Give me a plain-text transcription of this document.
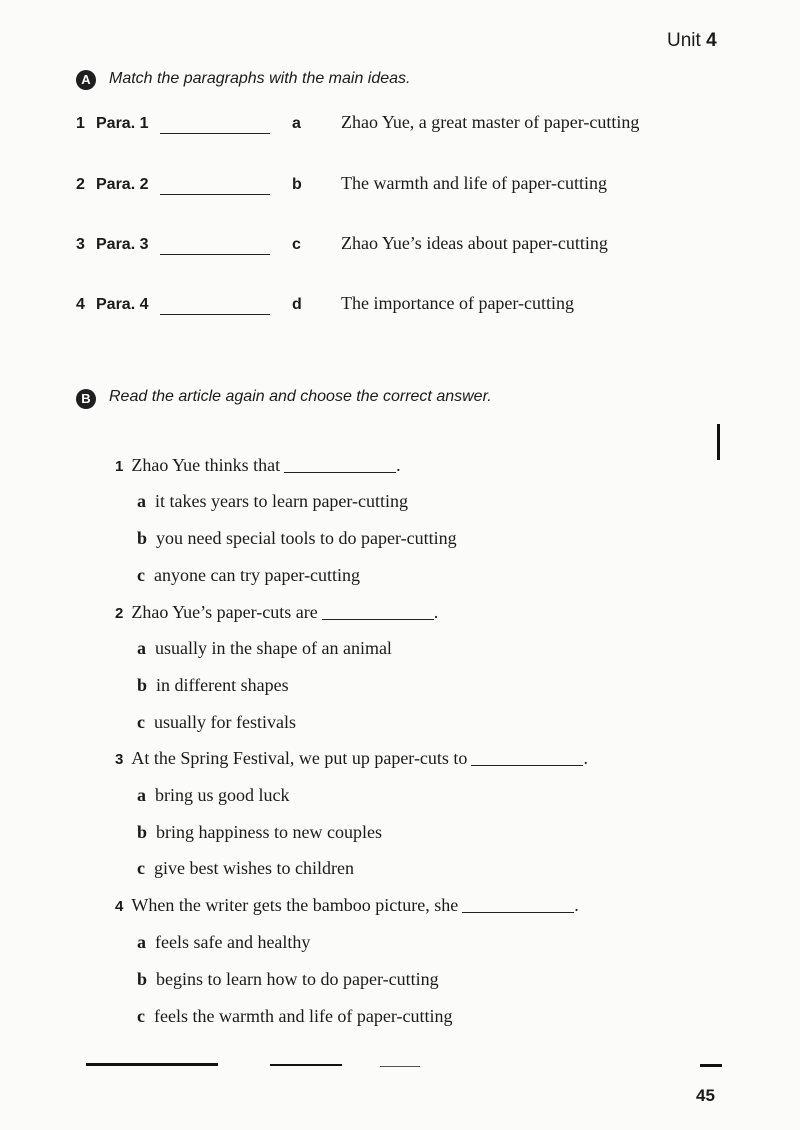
Unit 4
A	Match the paragraphs with the main ideas.
1 Para. 1	a Zhao Yue, a great master of paper-cutting
2 Para. 2	b The warmth and life of paper-cutting
3 Para. 3	c Zhao Yue’s ideas about paper-cutting
4 Para. 4	d The importance of paper-cutting
B	Read the article again and choose the correct answer.
1 Zhao Yue thinks that	.
a it takes years to learn paper-cutting
b you need special tools to do paper-cutting
c anyone can try paper-cutting
2 Zhao Yue’s paper-cuts are	.
a usually in the shape of an animal
b in different shapes
c usually for festivals
3 At the Spring Festival, we put up paper-cuts to	.
a bring us good luck
b bring happiness to new couples
c give best wishes to children
4 When the writer gets the bamboo picture, she	.
a feels safe and healthy
b begins to learn how to do paper-cutting
c feels the warmth and life of paper-cutting
45
